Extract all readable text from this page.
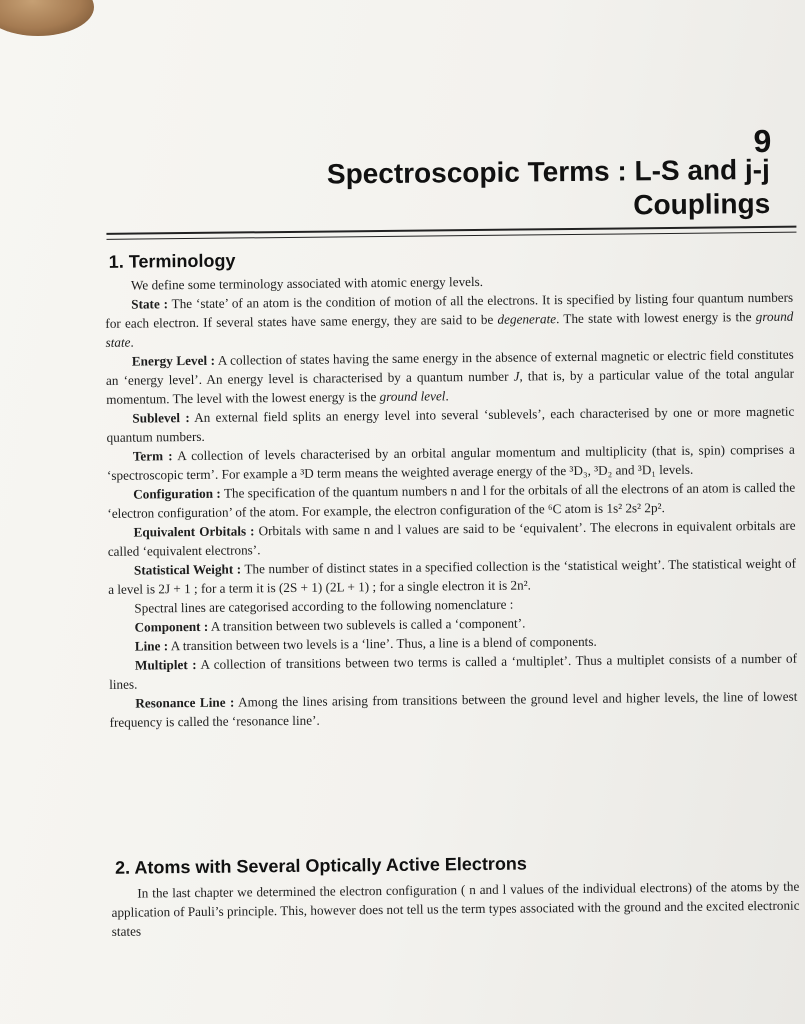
9
Spectroscopic Terms : L-S and j-j
Couplings
1. Terminology

We define some terminology associated with atomic energy levels.

State : The ‘state’ of an atom is the condition of motion of all the electrons. It is specified by listing four quantum numbers for each electron. If several states have same energy, they are said to be degenerate. The state with lowest energy is the ground state.

Energy Level : A collection of states having the same energy in the absence of external magnetic or electric field constitutes an ‘energy level’. An energy level is characterised by a quantum number J, that is, by a particular value of the total angular momentum. The level with the lowest energy is the ground level.

Sublevel : An external field splits an energy level into several ‘sublevels’, each characterised by one or more magnetic quantum numbers.

Term : A collection of levels characterised by an orbital angular momentum and multiplicity (that is, spin) comprises a ‘spectroscopic term’. For example a ³D term means the weighted average energy of the ³D₃, ³D₂ and ³D₁ levels.

Configuration : The specification of the quantum numbers n and l for the orbitals of all the electrons of an atom is called the ‘electron configuration’ of the atom. For example, the electron configuration of the ⁶C atom is 1s² 2s² 2p².

Equivalent Orbitals : Orbitals with same n and l values are said to be ‘equivalent’. The elecrons in equivalent orbitals are called ‘equivalent electrons’.

Statistical Weight : The number of distinct states in a specified collection is the ‘statistical weight’. The statistical weight of a level is 2J + 1 ; for a term it is (2S + 1) (2L + 1) ; for a single electron it is 2n².

Spectral lines are categorised according to the following nomenclature :

Component : A transition between two sublevels is called a ‘component’.

Line : A transition between two levels is a ‘line’. Thus, a line is a blend of components.

Multiplet : A collection of transitions between two terms is called a ‘multiplet’. Thus a multiplet consists of a number of lines.

Resonance Line : Among the lines arising from transitions between the ground level and higher levels, the line of lowest frequency is called the ‘resonance line’.

2. Atoms with Several Optically Active Electrons

In the last chapter we determined the electron configuration ( n and l values of the individual electrons) of the atoms by the application of Pauli’s principle. This, however does not tell us the term types associated with the ground and the excited electronic states
